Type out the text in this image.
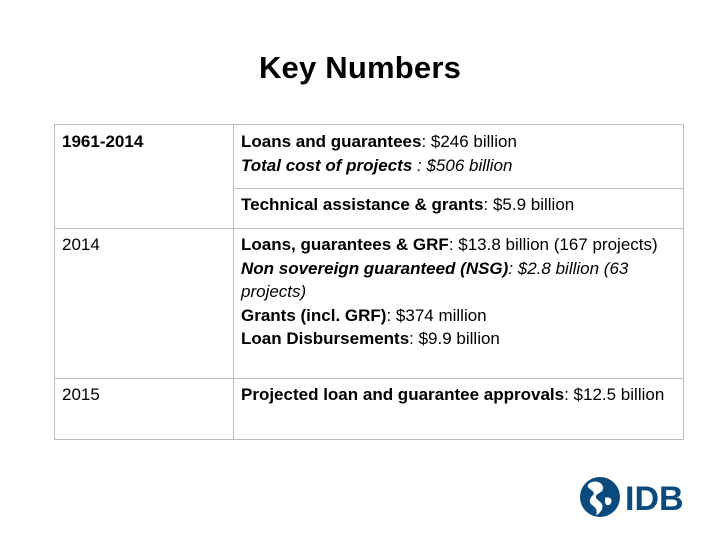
Key Numbers
1961-2014	Loans and guarantees: $246 billion
Total cost of projects : $506 billion
Technical assistance & grants: $5.9 billion
2014	Loans, guarantees & GRF: $13.8 billion (167 projects)
Non sovereign guaranteed (NSG): $2.8 billion (63 projects)
Grants (incl. GRF): $374 million
Loan Disbursements: $9.9 billion
2015	Projected loan and guarantee approvals: $12.5 billion
IDB
